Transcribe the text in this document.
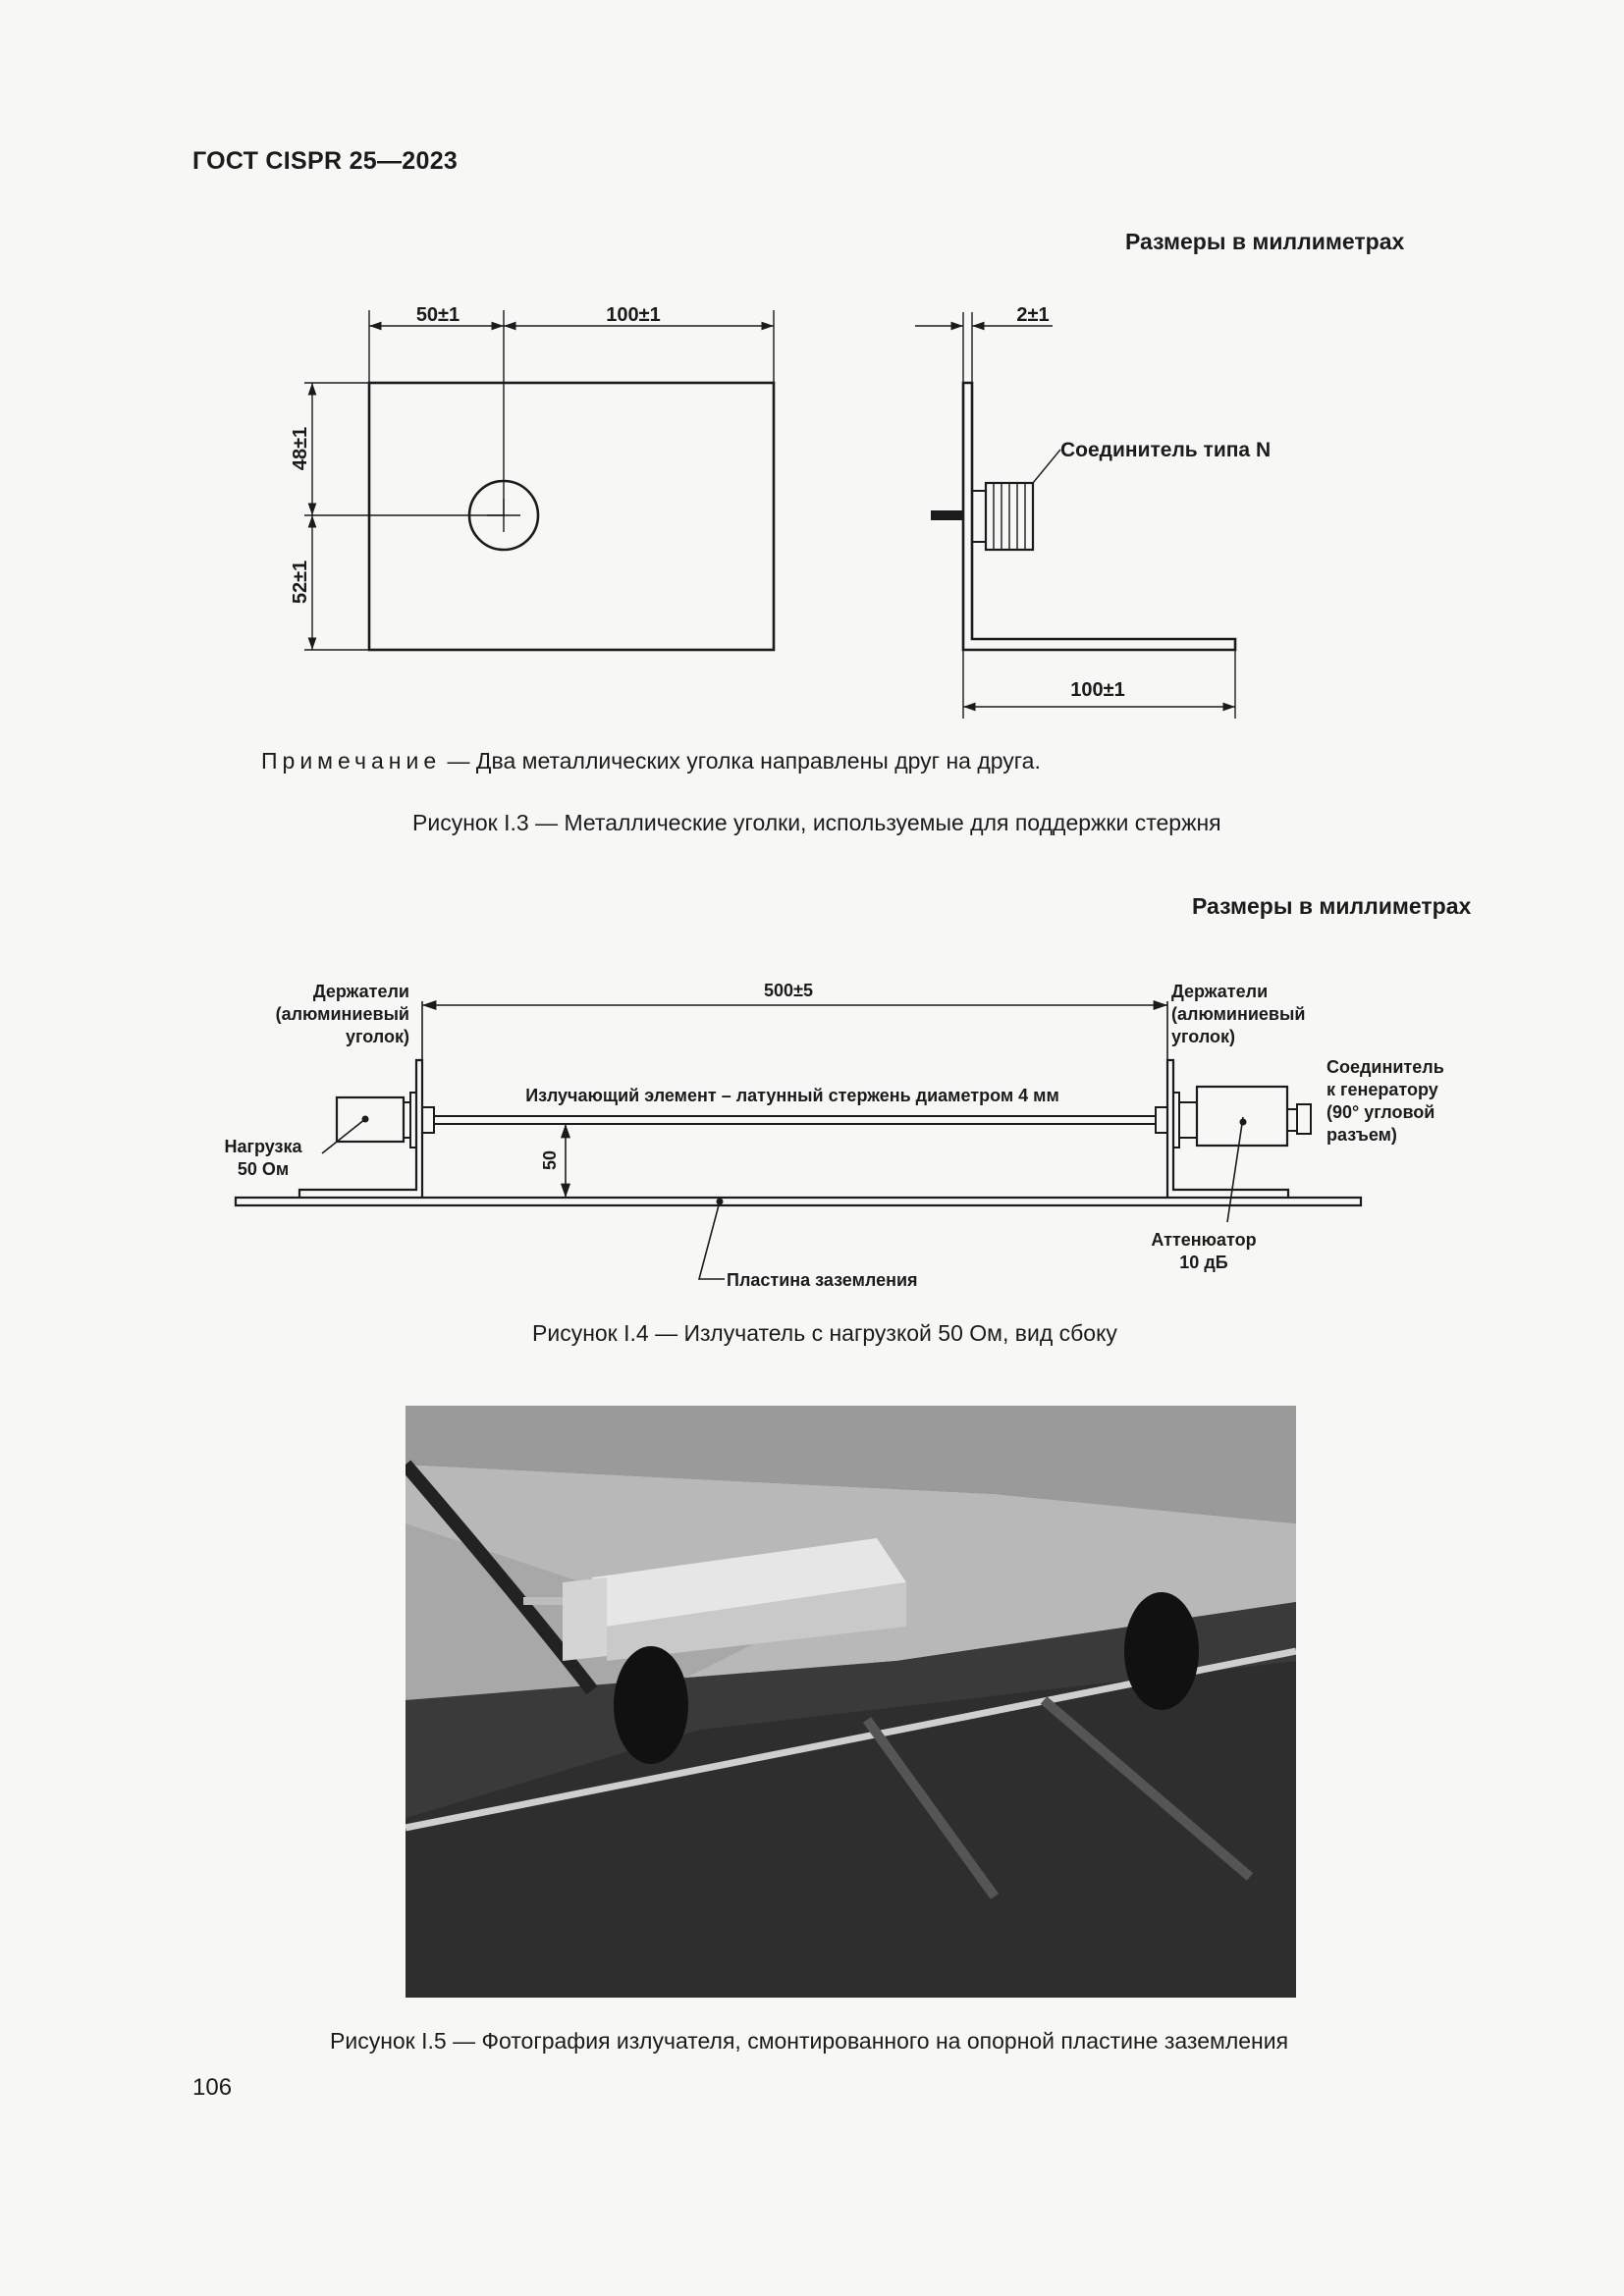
ГОСТ CISPR 25—2023
Размеры в миллиметрах
50±1	100±1
48±1
52±1
2±1
100±1
Соединитель типа N
Примечание — Два металлических уголка направлены друг на друга.
Рисунок I.3 — Металлические уголки, используемые для поддержки стержня
Размеры в миллиметрах
500±5
50
Излучающий элемент – латунный стержень диаметром 4 мм
Держатели
(алюминиевый
уголок)
Держатели
(алюминиевый
уголок)
Соединитель
к генератору
(90° угловой
разъем)
Нагрузка
50 Ом
Аттенюатор
10 дБ
Пластина заземления
Рисунок I.4 — Излучатель с нагрузкой 50 Ом, вид сбоку
Рисунок I.5 — Фотография излучателя, смонтированного на опорной пластине заземления
106
